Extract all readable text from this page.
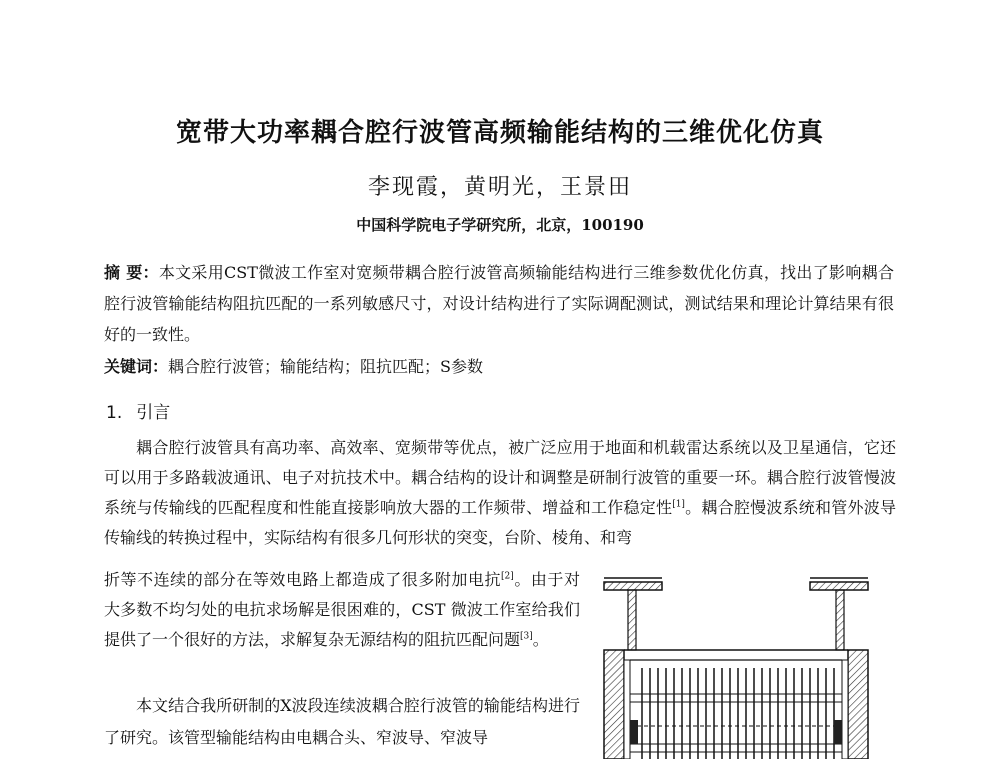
宽带大功率耦合腔行波管高频输能结构的三维优化仿真
李现霞，黄明光，王景田
中国科学院电子学研究所，北京，100190
摘 要：本文采用CST微波工作室对宽频带耦合腔行波管高频输能结构进行三维参数优化仿真，找出了影响耦合腔行波管输能结构阻抗匹配的一系列敏感尺寸，对设计结构进行了实际调配测试，测试结果和理论计算结果有很好的一致性。
关键词：耦合腔行波管；输能结构；阻抗匹配；S参数
1. 引言
耦合腔行波管具有高功率、高效率、宽频带等优点，被广泛应用于地面和机载雷达系统以及卫星通信，它还可以用于多路载波通讯、电子对抗技术中。耦合结构的设计和调整是研制行波管的重要一环。耦合腔行波管慢波系统与传输线的匹配程度和性能直接影响放大器的工作频带、增益和工作稳定性[1]。耦合腔慢波系统和管外波导传输线的转换过程中，实际结构有很多几何形状的突变，台阶、棱角、和弯
折等不连续的部分在等效电路上都造成了很多附加电抗[2]。由于对大多数不均匀处的电抗求场解是很困难的，CST 微波工作室给我们提供了一个很好的方法，求解复杂无源结构的阻抗匹配问题[3]。
本文结合我所研制的X波段连续波耦合腔行波管的输能结构进行了研究。该管型输能结构由电耦合头、窄波导、窄波导
